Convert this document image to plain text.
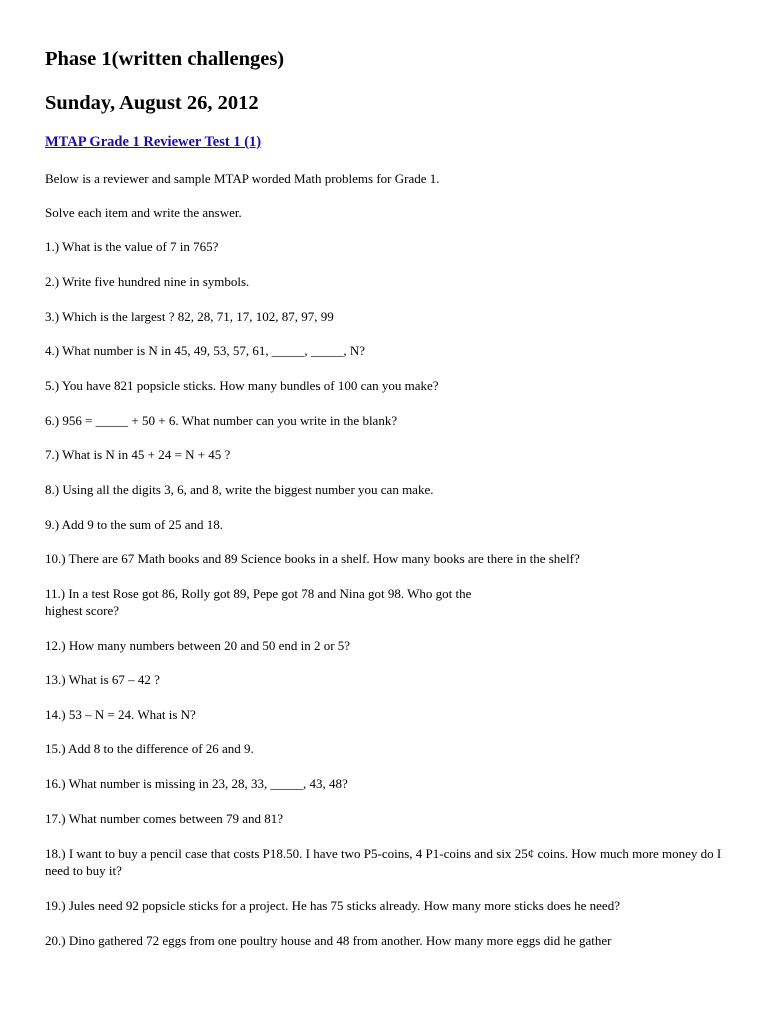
Phase 1(written challenges)
Sunday, August 26, 2012
MTAP Grade 1 Reviewer Test 1 (1)

Below is a reviewer and sample MTAP worded Math problems for Grade 1.

Solve each item and write the answer.

1.) What is the value of 7 in 765?

2.) Write five hundred nine in symbols.

3.) Which is the largest ? 82, 28, 71, 17, 102, 87, 97, 99

4.) What number is N in 45, 49, 53, 57, 61, _____, _____, N?

5.) You have 821 popsicle sticks. How many bundles of 100 can you make?

6.) 956 = _____ + 50 + 6. What number can you write in the blank?

7.) What is N in 45 + 24 = N + 45 ?

8.) Using all the digits 3, 6, and 8, write the biggest number you can make.

9.) Add 9 to the sum of 25 and 18.

10.) There are 67 Math books and 89 Science books in a shelf. How many books are there in the shelf?

11.) In a test Rose got 86, Rolly got 89, Pepe got 78 and Nina got 98. Who got the

highest score?

12.) How many numbers between 20 and 50 end in 2 or 5?

13.) What is 67 – 42 ?

14.) 53 – N = 24. What is N?

15.) Add 8 to the difference of 26 and 9.

16.) What number is missing in 23, 28, 33, _____, 43, 48?

17.) What number comes between 79 and 81?

18.) I want to buy a pencil case that costs P18.50. I have two P5-coins, 4 P1-coins and six 25¢ coins. How much more money do I need to buy it?

19.) Jules need 92 popsicle sticks for a project. He has 75 sticks already. How many more sticks does he need?

20.) Dino gathered 72 eggs from one poultry house and 48 from another. How many more eggs did he gather
